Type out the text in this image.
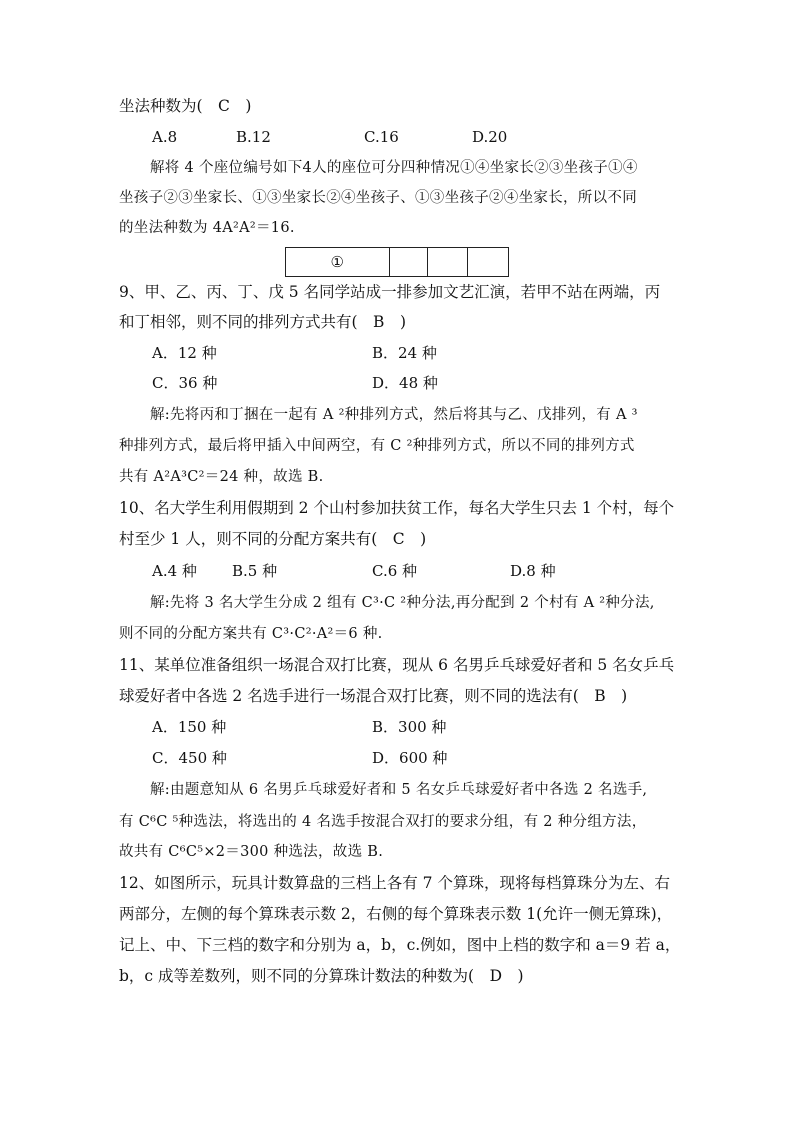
坐法种数为(　C　)

A.8	B.12	C.16	D.20

解将 4 个座位编号如下4人的座位可分四种情况①④坐家长②③坐孩子①④

坐孩子②③坐家长、①③坐家长②④坐孩子、①③坐孩子②④坐家长，所以不同

的坐法种数为 4A²A²＝16.

①

9、甲、乙、丙、丁、戊 5 名同学站成一排参加文艺汇演，若甲不站在两端，丙

和丁相邻，则不同的排列方式共有(　B　)

A．12 种	B．24 种
C．36 种	D．48 种

解:先将丙和丁捆在一起有 A ²种排列方式，然后将其与乙、戊排列，有 A ³

种排列方式，最后将甲插入中间两空，有 C ²种排列方式，所以不同的排列方式

共有 A²A³C²＝24 种，故选 B.

10、名大学生利用假期到 2 个山村参加扶贫工作，每名大学生只去 1 个村，每个

村至少 1 人，则不同的分配方案共有(　C　)

A.4 种 B.5 种	C.6 种	D.8 种

解:先将 3 名大学生分成 2 组有 C³·C ²种分法,再分配到 2 个村有 A ²种分法,

则不同的分配方案共有 C³·C²·A²＝6 种.

11、某单位准备组织一场混合双打比赛，现从 6 名男乒乓球爱好者和 5 名女乒乓

球爱好者中各选 2 名选手进行一场混合双打比赛，则不同的选法有(　B　)

A．150 种	B．300 种
C．450 种	D．600 种

解:由题意知从 6 名男乒乓球爱好者和 5 名女乒乓球爱好者中各选 2 名选手,

有 C⁶C ⁵种选法，将选出的 4 名选手按混合双打的要求分组，有 2 种分组方法，

故共有 C⁶C⁵×2＝300 种选法，故选 B.

12、如图所示，玩具计数算盘的三档上各有 7 个算珠，现将每档算珠分为左、右

两部分，左侧的每个算珠表示数 2，右侧的每个算珠表示数 1(允许一侧无算珠)，

记上、中、下三档的数字和分别为 a，b，c.例如，图中上档的数字和 a＝9 若 a，

b，c 成等差数列，则不同的分算珠计数法的种数为(　D　)
